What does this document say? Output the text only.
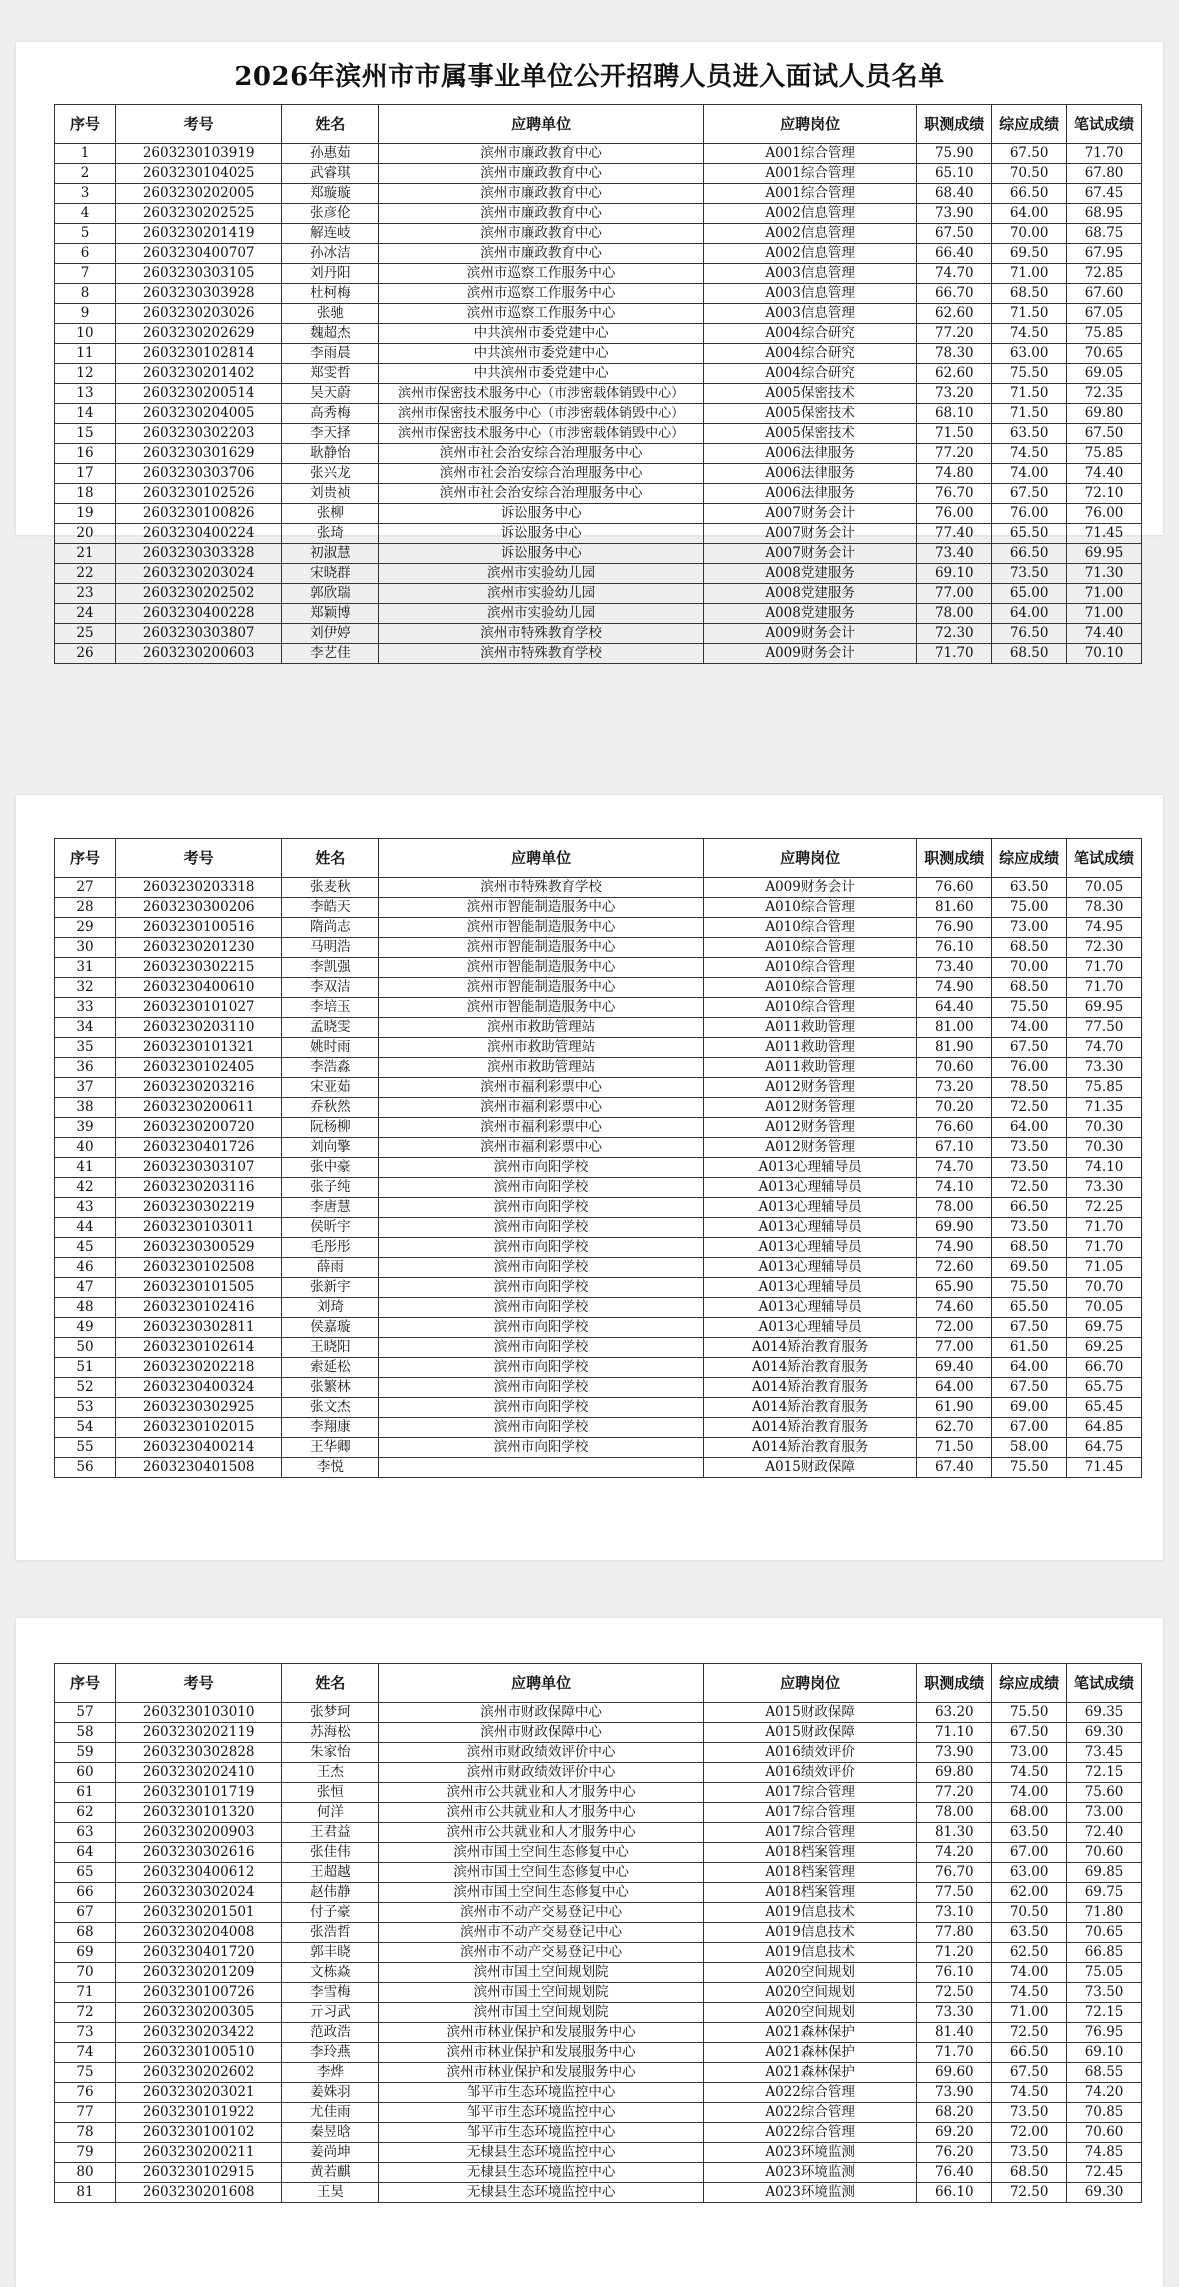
2026年滨州市市属事业单位公开招聘人员进入面试人员名单
序号	考号	姓名	应聘单位	应聘岗位	职测成绩	综应成绩	笔试成绩
1	2603230103919	孙惠茹	滨州市廉政教育中心	A001综合管理	75.90	67.50	71.70
2	2603230104025	武睿琪	滨州市廉政教育中心	A001综合管理	65.10	70.50	67.80
3	2603230202005	郑璇璇	滨州市廉政教育中心	A001综合管理	68.40	66.50	67.45
4	2603230202525	张彦伦	滨州市廉政教育中心	A002信息管理	73.90	64.00	68.95
5	2603230201419	解连岐	滨州市廉政教育中心	A002信息管理	67.50	70.00	68.75
6	2603230400707	孙冰洁	滨州市廉政教育中心	A002信息管理	66.40	69.50	67.95
7	2603230303105	刘丹阳	滨州市巡察工作服务中心	A003信息管理	74.70	71.00	72.85
8	2603230303928	杜柯梅	滨州市巡察工作服务中心	A003信息管理	66.70	68.50	67.60
9	2603230203026	张驰	滨州市巡察工作服务中心	A003信息管理	62.60	71.50	67.05
10	2603230202629	魏超杰	中共滨州市委党建中心	A004综合研究	77.20	74.50	75.85
11	2603230102814	李雨晨	中共滨州市委党建中心	A004综合研究	78.30	63.00	70.65
12	2603230201402	郑雯哲	中共滨州市委党建中心	A004综合研究	62.60	75.50	69.05
13	2603230200514	吴天蔚	滨州市保密技术服务中心（市涉密载体销毁中心）	A005保密技术	73.20	71.50	72.35
14	2603230204005	高秀梅	滨州市保密技术服务中心（市涉密载体销毁中心）	A005保密技术	68.10	71.50	69.80
15	2603230302203	李天择	滨州市保密技术服务中心（市涉密载体销毁中心）	A005保密技术	71.50	63.50	67.50
16	2603230301629	耿静怡	滨州市社会治安综合治理服务中心	A006法律服务	77.20	74.50	75.85
17	2603230303706	张兴龙	滨州市社会治安综合治理服务中心	A006法律服务	74.80	74.00	74.40
18	2603230102526	刘贵祯	滨州市社会治安综合治理服务中心	A006法律服务	76.70	67.50	72.10
19	2603230100826	张柳	诉讼服务中心	A007财务会计	76.00	76.00	76.00
20	2603230400224	张琦	诉讼服务中心	A007财务会计	77.40	65.50	71.45
21	2603230303328	初淑慧	诉讼服务中心	A007财务会计	73.40	66.50	69.95
22	2603230203024	宋晓群	滨州市实验幼儿园	A008党建服务	69.10	73.50	71.30
23	2603230202502	郭欣瑞	滨州市实验幼儿园	A008党建服务	77.00	65.00	71.00
24	2603230400228	郑颖博	滨州市实验幼儿园	A008党建服务	78.00	64.00	71.00
25	2603230303807	刘伊婷	滨州市特殊教育学校	A009财务会计	72.30	76.50	74.40
26	2603230200603	李艺佳	滨州市特殊教育学校	A009财务会计	71.70	68.50	70.10
序号	考号	姓名	应聘单位	应聘岗位	职测成绩	综应成绩	笔试成绩
27	2603230203318	张麦秋	滨州市特殊教育学校	A009财务会计	76.60	63.50	70.05
28	2603230300206	李皓天	滨州市智能制造服务中心	A010综合管理	81.60	75.00	78.30
29	2603230100516	隋尚志	滨州市智能制造服务中心	A010综合管理	76.90	73.00	74.95
30	2603230201230	马明浩	滨州市智能制造服务中心	A010综合管理	76.10	68.50	72.30
31	2603230302215	李凯强	滨州市智能制造服务中心	A010综合管理	73.40	70.00	71.70
32	2603230400610	李双洁	滨州市智能制造服务中心	A010综合管理	74.90	68.50	71.70
33	2603230101027	李培玉	滨州市智能制造服务中心	A010综合管理	64.40	75.50	69.95
34	2603230203110	孟晓雯	滨州市救助管理站	A011救助管理	81.00	74.00	77.50
35	2603230101321	姚时雨	滨州市救助管理站	A011救助管理	81.90	67.50	74.70
36	2603230102405	李浩淼	滨州市救助管理站	A011救助管理	70.60	76.00	73.30
37	2603230203216	宋亚茹	滨州市福利彩票中心	A012财务管理	73.20	78.50	75.85
38	2603230200611	乔秋然	滨州市福利彩票中心	A012财务管理	70.20	72.50	71.35
39	2603230200720	阮杨柳	滨州市福利彩票中心	A012财务管理	76.60	64.00	70.30
40	2603230401726	刘向擎	滨州市福利彩票中心	A012财务管理	67.10	73.50	70.30
41	2603230303107	张中豪	滨州市向阳学校	A013心理辅导员	74.70	73.50	74.10
42	2603230203116	张子纯	滨州市向阳学校	A013心理辅导员	74.10	72.50	73.30
43	2603230302219	李唐慧	滨州市向阳学校	A013心理辅导员	78.00	66.50	72.25
44	2603230103011	侯昕宇	滨州市向阳学校	A013心理辅导员	69.90	73.50	71.70
45	2603230300529	毛彤彤	滨州市向阳学校	A013心理辅导员	74.90	68.50	71.70
46	2603230102508	薛雨	滨州市向阳学校	A013心理辅导员	72.60	69.50	71.05
47	2603230101505	张新宇	滨州市向阳学校	A013心理辅导员	65.90	75.50	70.70
48	2603230102416	刘琦	滨州市向阳学校	A013心理辅导员	74.60	65.50	70.05
49	2603230302811	侯嘉璇	滨州市向阳学校	A013心理辅导员	72.00	67.50	69.75
50	2603230102614	王晓阳	滨州市向阳学校	A014矫治教育服务	77.00	61.50	69.25
51	2603230202218	索延松	滨州市向阳学校	A014矫治教育服务	69.40	64.00	66.70
52	2603230400324	张繁林	滨州市向阳学校	A014矫治教育服务	64.00	67.50	65.75
53	2603230302925	张文杰	滨州市向阳学校	A014矫治教育服务	61.90	69.00	65.45
54	2603230102015	李翔康	滨州市向阳学校	A014矫治教育服务	62.70	67.00	64.85
55	2603230400214	王华卿	滨州市向阳学校	A014矫治教育服务	71.50	58.00	64.75
56	2603230401508	李悦		A015财政保障	67.40	75.50	71.45
序号	考号	姓名	应聘单位	应聘岗位	职测成绩	综应成绩	笔试成绩
57	2603230103010	张梦珂	滨州市财政保障中心	A015财政保障	63.20	75.50	69.35
58	2603230202119	苏海松	滨州市财政保障中心	A015财政保障	71.10	67.50	69.30
59	2603230302828	朱家怡	滨州市财政绩效评价中心	A016绩效评价	73.90	73.00	73.45
60	2603230202410	王杰	滨州市财政绩效评价中心	A016绩效评价	69.80	74.50	72.15
61	2603230101719	张恒	滨州市公共就业和人才服务中心	A017综合管理	77.20	74.00	75.60
62	2603230101320	何洋	滨州市公共就业和人才服务中心	A017综合管理	78.00	68.00	73.00
63	2603230200903	王君益	滨州市公共就业和人才服务中心	A017综合管理	81.30	63.50	72.40
64	2603230302616	张佳伟	滨州市国土空间生态修复中心	A018档案管理	74.20	67.00	70.60
65	2603230400612	王超越	滨州市国土空间生态修复中心	A018档案管理	76.70	63.00	69.85
66	2603230302024	赵伟静	滨州市国土空间生态修复中心	A018档案管理	77.50	62.00	69.75
67	2603230201501	付子豪	滨州市不动产交易登记中心	A019信息技术	73.10	70.50	71.80
68	2603230204008	张浩哲	滨州市不动产交易登记中心	A019信息技术	77.80	63.50	70.65
69	2603230401720	郭丰晓	滨州市不动产交易登记中心	A019信息技术	71.20	62.50	66.85
70	2603230201209	文栋焱	滨州市国土空间规划院	A020空间规划	76.10	74.00	75.05
71	2603230100726	李雪梅	滨州市国土空间规划院	A020空间规划	72.50	74.50	73.50
72	2603230200305	亓习武	滨州市国土空间规划院	A020空间规划	73.30	71.00	72.15
73	2603230203422	范政浩	滨州市林业保护和发展服务中心	A021森林保护	81.40	72.50	76.95
74	2603230100510	李玲燕	滨州市林业保护和发展服务中心	A021森林保护	71.70	66.50	69.10
75	2603230202602	李烨	滨州市林业保护和发展服务中心	A021森林保护	69.60	67.50	68.55
76	2603230203021	姜姝羽	邹平市生态环境监控中心	A022综合管理	73.90	74.50	74.20
77	2603230101922	尤佳雨	邹平市生态环境监控中心	A022综合管理	68.20	73.50	70.85
78	2603230100102	秦昱晗	邹平市生态环境监控中心	A022综合管理	69.20	72.00	70.60
79	2603230200211	姜尚坤	无棣县生态环境监控中心	A023环境监测	76.20	73.50	74.85
80	2603230102915	黄若麒	无棣县生态环境监控中心	A023环境监测	76.40	68.50	72.45
81	2603230201608	王昊	无棣县生态环境监控中心	A023环境监测	66.10	72.50	69.30
